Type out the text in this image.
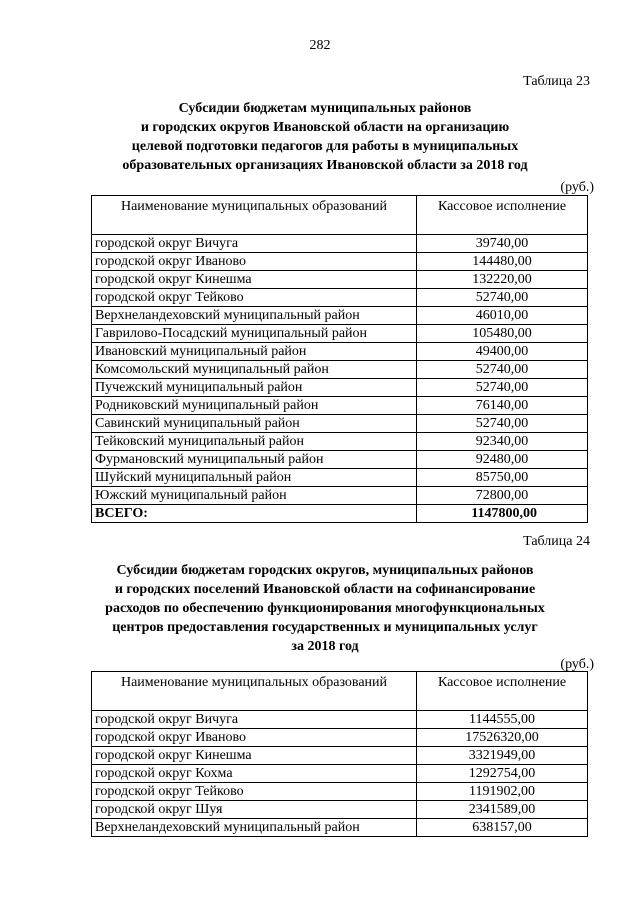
282
Таблица 23
Субсидии бюджетам муниципальных районов
и городских округов Ивановской области на организацию
целевой подготовки педагогов для работы в муниципальных
образовательных организациях Ивановской области за 2018 год
(руб.)
Наименование муниципальных образований	Кассовое исполнение
городской округ Вичуга	39740,00
городской округ Иваново	144480,00
городской округ Кинешма	132220,00
городской округ Тейково	52740,00
Верхнеландеховский муниципальный район	46010,00
Гаврилово-Посадский муниципальный район	105480,00
Ивановский муниципальный район	49400,00
Комсомольский муниципальный район	52740,00
Пучежский муниципальный район	52740,00
Родниковский муниципальный район	76140,00
Савинский муниципальный район	52740,00
Тейковский муниципальный район	92340,00
Фурмановский муниципальный район	92480,00
Шуйский муниципальный район	85750,00
Южский муниципальный район	72800,00
ВСЕГО:	1147800,00
Таблица 24
Субсидии бюджетам городских округов, муниципальных районов
и городских поселений Ивановской области на софинансирование
расходов по обеспечению функционирования многофункциональных
центров предоставления государственных и муниципальных услуг
за 2018 год
(руб.)
Наименование муниципальных образований	Кассовое исполнение
городской округ Вичуга	1144555,00
городской округ Иваново	17526320,00
городской округ Кинешма	3321949,00
городской округ Кохма	1292754,00
городской округ Тейково	1191902,00
городской округ Шуя	2341589,00
Верхнеландеховский муниципальный район	638157,00
